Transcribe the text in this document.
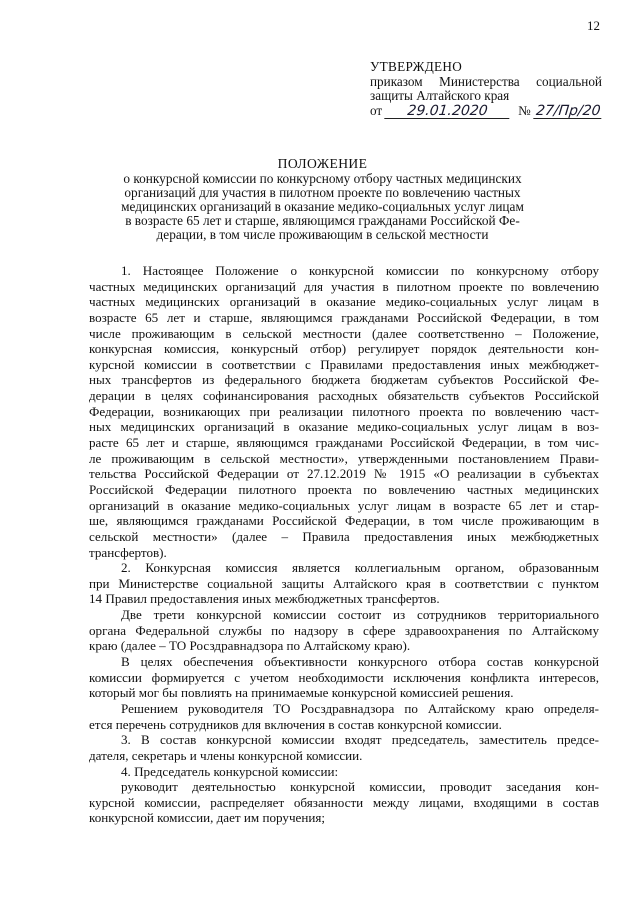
12
УТВЕРЖДЕНО
приказом Министерства социальной
защиты Алтайского края
от	29.01.2020	№ 27/Пр/20
ПОЛОЖЕНИЕ
о конкурсной комиссии по конкурсному отбору частных медицинских
организаций для участия в пилотном проекте по вовлечению частных
медицинских организаций в оказание медико-социальных услуг лицам
в возрасте 65 лет и старше, являющимся гражданами Российской Фе-
дерации, в том числе проживающим в сельской местности
1. Настоящее Положение о конкурсной комиссии по конкурсному отбору
частных медицинских организаций для участия в пилотном проекте по вовлечению
частных медицинских организаций в оказание медико-социальных услуг лицам в
возрасте 65 лет и старше, являющимся гражданами Российской Федерации, в том
числе проживающим в сельской местности (далее соответственно – Положение,
конкурсная комиссия, конкурсный отбор) регулирует порядок деятельности кон-
курсной комиссии в соответствии с Правилами предоставления иных межбюджет-
ных трансфертов из федерального бюджета бюджетам субъектов Российской Фе-
дерации в целях софинансирования расходных обязательств субъектов Российской
Федерации, возникающих при реализации пилотного проекта по вовлечению част-
ных медицинских организаций в оказание медико-социальных услуг лицам в воз-
расте 65 лет и старше, являющимся гражданами Российской Федерации, в том чис-
ле проживающим в сельской местности», утвержденными постановлением Прави-
тельства Российской Федерации от 27.12.2019 № 1915 «О реализации в субъектах
Российской Федерации пилотного проекта по вовлечению частных медицинских
организаций в оказание медико-социальных услуг лицам в возрасте 65 лет и стар-
ше, являющимся гражданами Российской Федерации, в том числе проживающим в
сельской местности» (далее – Правила предоставления иных межбюджетных
трансфертов).
2. Конкурсная комиссия является коллегиальным органом, образованным
при Министерстве социальной защиты Алтайского края в соответствии с пунктом
14 Правил предоставления иных межбюджетных трансфертов.
Две трети конкурсной комиссии состоит из сотрудников территориального
органа Федеральной службы по надзору в сфере здравоохранения по Алтайскому
краю (далее – ТО Росздравнадзора по Алтайскому краю).
В целях обеспечения объективности конкурсного отбора состав конкурсной
комиссии формируется с учетом необходимости исключения конфликта интересов,
который мог бы повлиять на принимаемые конкурсной комиссией решения.
Решением руководителя ТО Росздравнадзора по Алтайскому краю определя-
ется перечень сотрудников для включения в состав конкурсной комиссии.
3. В состав конкурсной комиссии входят председатель, заместитель предсе-
дателя, секретарь и члены конкурсной комиссии.
4. Председатель конкурсной комиссии:
руководит деятельностью конкурсной комиссии, проводит заседания кон-
курсной комиссии, распределяет обязанности между лицами, входящими в состав
конкурсной комиссии, дает им поручения;
